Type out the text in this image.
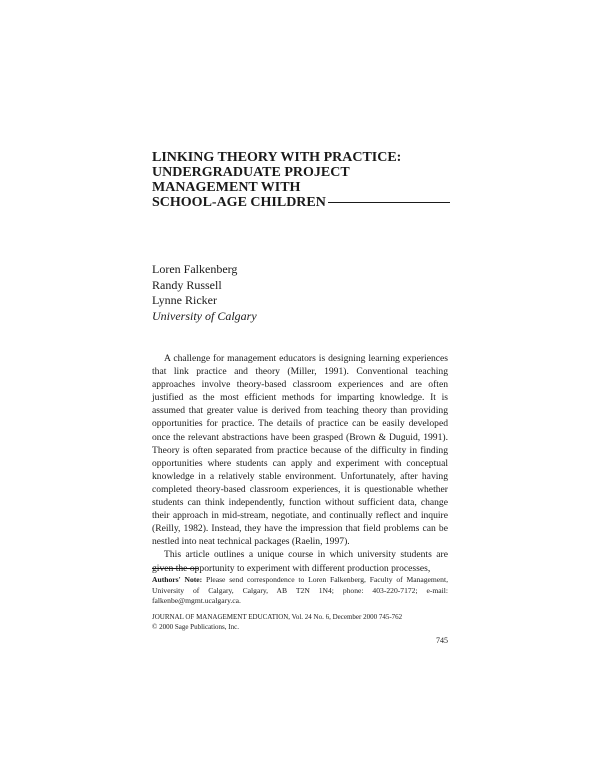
LINKING THEORY WITH PRACTICE:
UNDERGRADUATE PROJECT
MANAGEMENT WITH
SCHOOL-AGE CHILDREN
Loren Falkenberg
Randy Russell
Lynne Ricker
University of Calgary

A challenge for management educators is designing learning experiences that link practice and theory (Miller, 1991). Conventional teaching approaches involve theory-based classroom experiences and are often justified as the most efficient methods for imparting knowledge. It is assumed that greater value is derived from teaching theory than providing opportunities for practice. The details of practice can be easily developed once the relevant abstractions have been grasped (Brown & Duguid, 1991). Theory is often separated from practice because of the difficulty in finding opportunities where students can apply and experiment with conceptual knowledge in a relatively stable environment. Unfortunately, after having completed theory-based classroom experiences, it is questionable whether students can think independently, function without sufficient data, change their approach in mid-stream, negotiate, and continually reflect and inquire (Reilly, 1982). Instead, they have the impression that field problems can be nestled into neat technical packages (Raelin, 1997).

This article outlines a unique course in which university students are given the opportunity to experiment with different production processes,

Authors' Note: Please send correspondence to Loren Falkenberg, Faculty of Management, University of Calgary, Calgary, AB T2N 1N4; phone: 403-220-7172; e-mail: falkenbe@mgmt.ucalgary.ca.
JOURNAL OF MANAGEMENT EDUCATION, Vol. 24 No. 6, December 2000 745-762
© 2000 Sage Publications, Inc.
745
